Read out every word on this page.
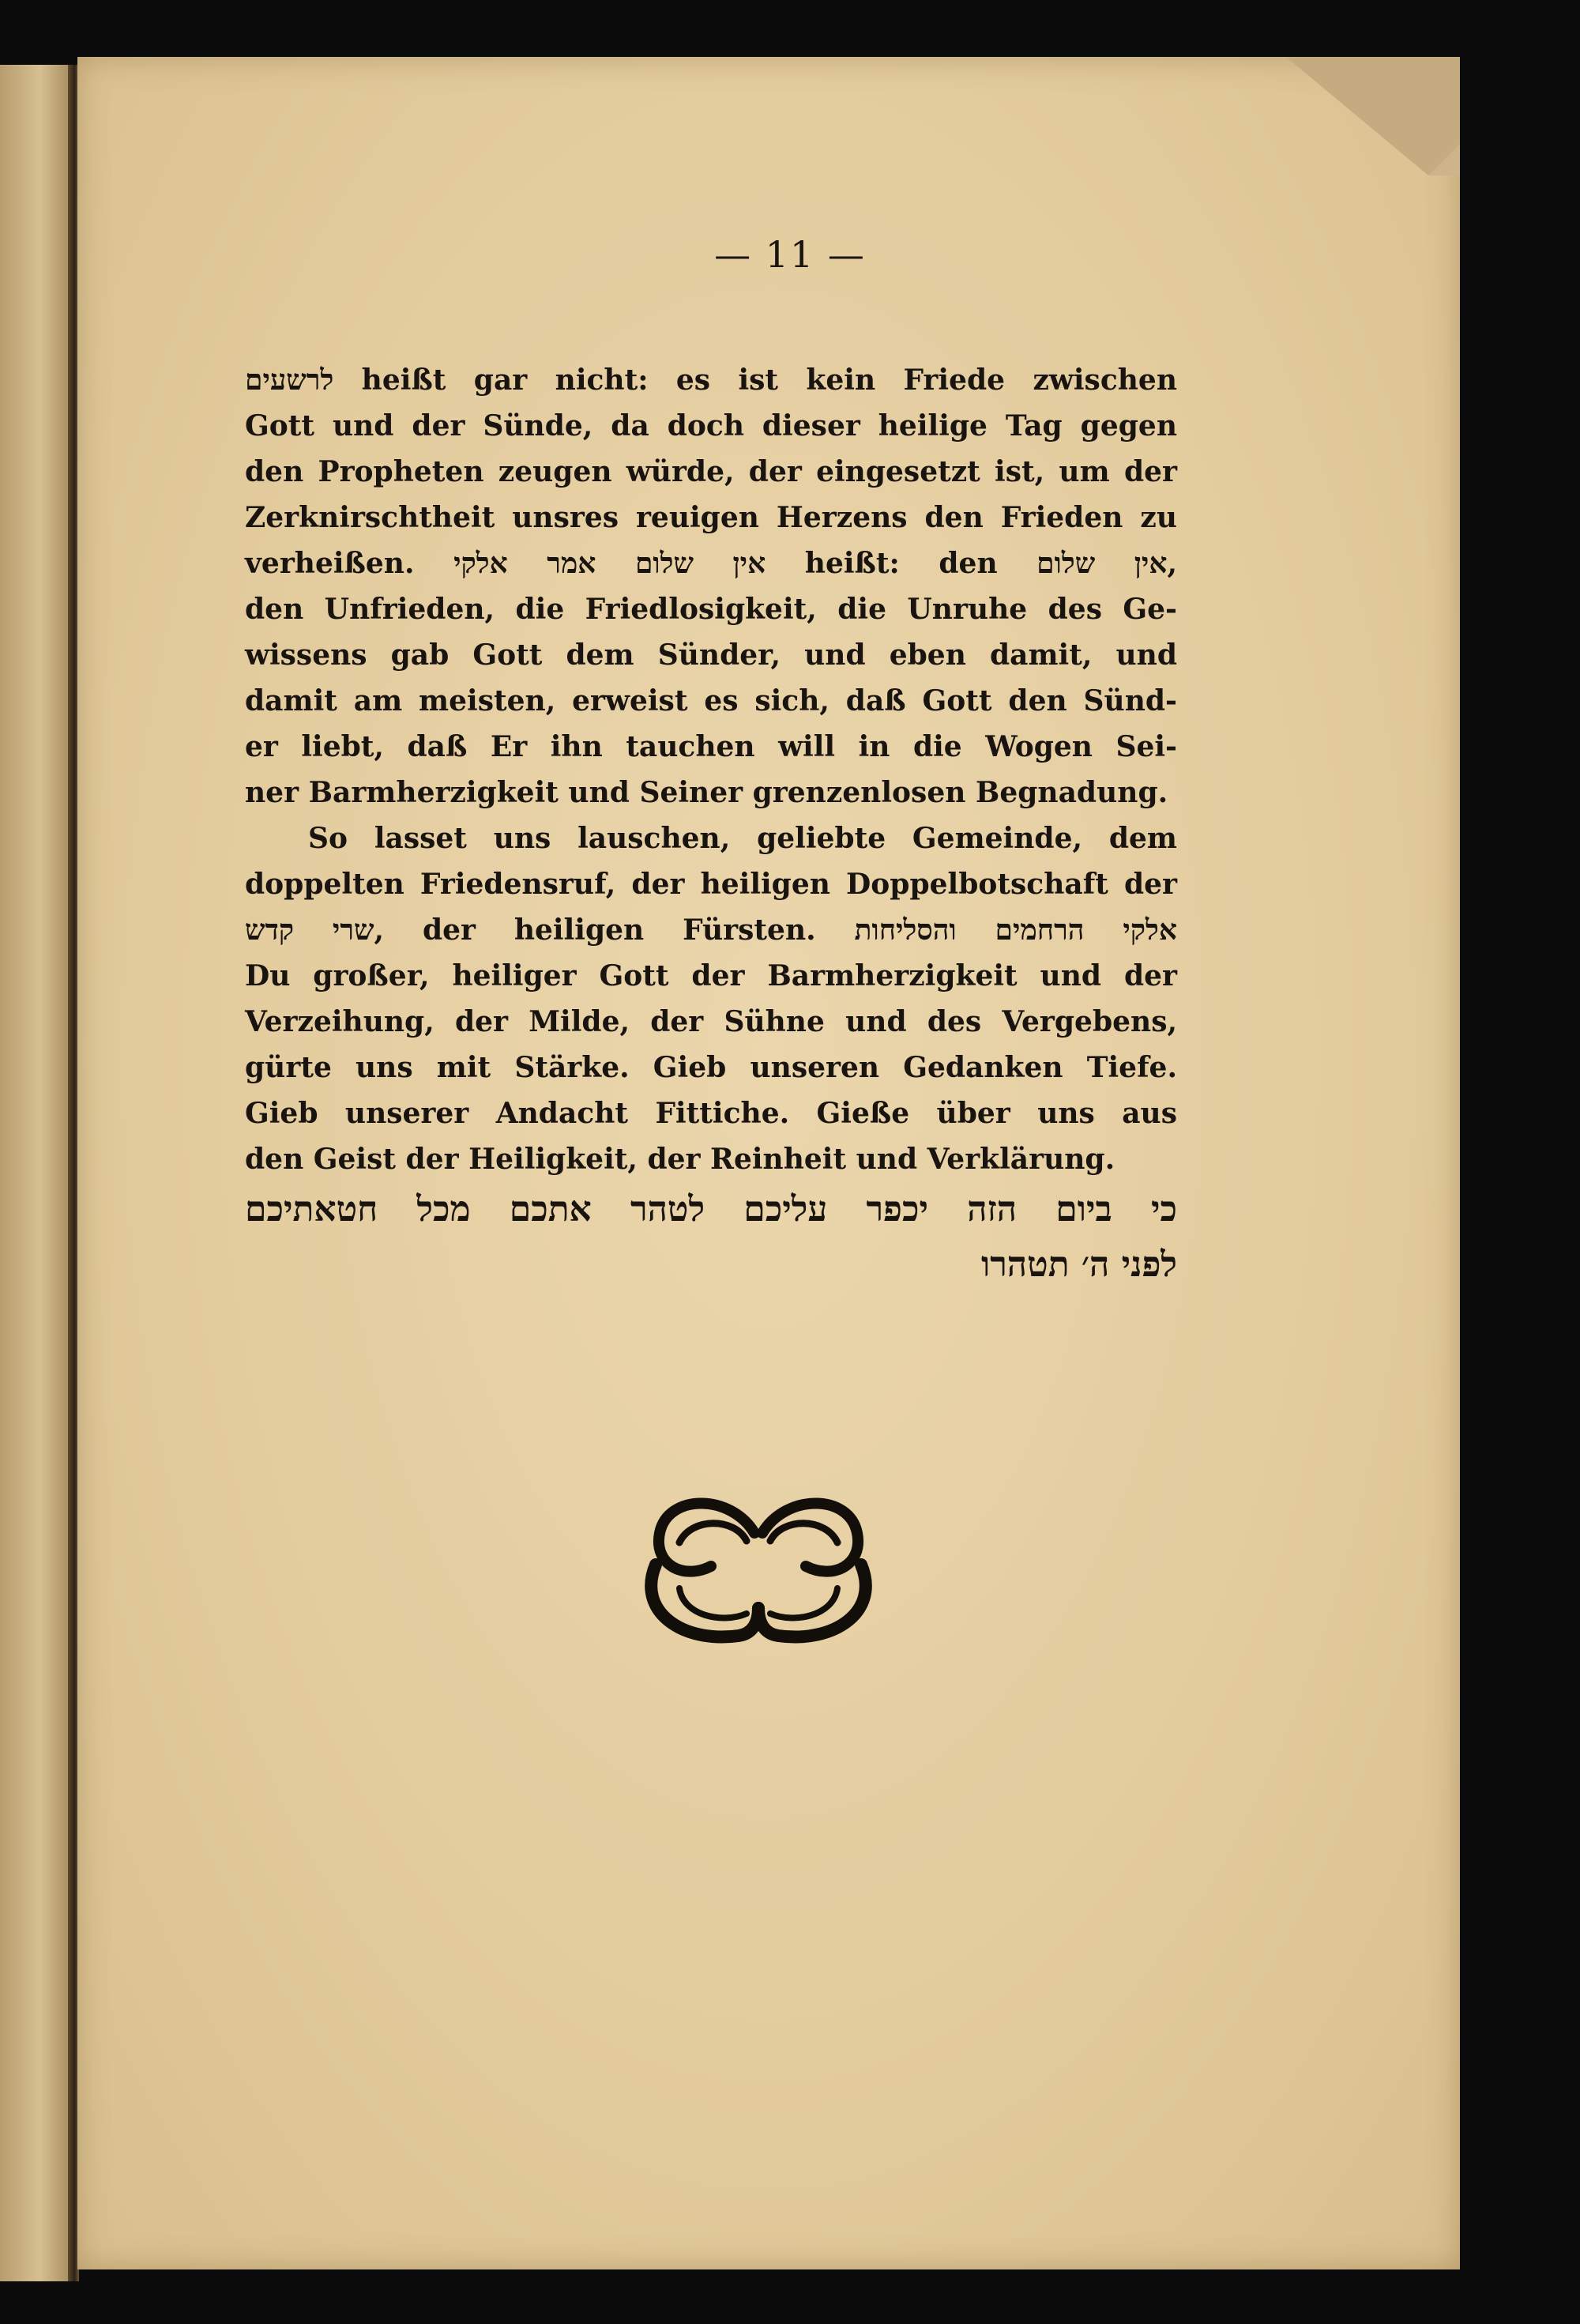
— 11 —
לרשעים heißt gar nicht: es ist kein Friede zwischen
Gott und der Sünde, da doch dieser heilige Tag gegen
den Propheten zeugen würde, der eingesetzt ist, um der
Zerknirschtheit unsres reuigen Herzens den Frieden zu
verheißen. אין שלום אמר אלקי heißt: den אין שלום,
den Unfrieden, die Friedlosigkeit, die Unruhe des Ge-
wissens gab Gott dem Sünder, und eben damit, und
damit am meisten, erweist es sich, daß Gott den Sünd-
er liebt, daß Er ihn tauchen will in die Wogen Sei-
ner Barmherzigkeit und Seiner grenzenlosen Begnadung.
So lasset uns lauschen, geliebte Gemeinde, dem
doppelten Friedensruf, der heiligen Doppelbotschaft der
שרי קדש, der heiligen Fürsten. אלקי הרחמים והסליחות
Du großer, heiliger Gott der Barmherzigkeit und der
Verzeihung, der Milde, der Sühne und des Vergebens,
gürte uns mit Stärke. Gieb unseren Gedanken Tiefe.
Gieb unserer Andacht Fittiche. Gieße über uns aus
den Geist der Heiligkeit, der Reinheit und Verklärung.
כי ביום הזה יכפר עליכם לטהר אתכם מכל חטאתיכם
לפני ה׳ תטהרו
